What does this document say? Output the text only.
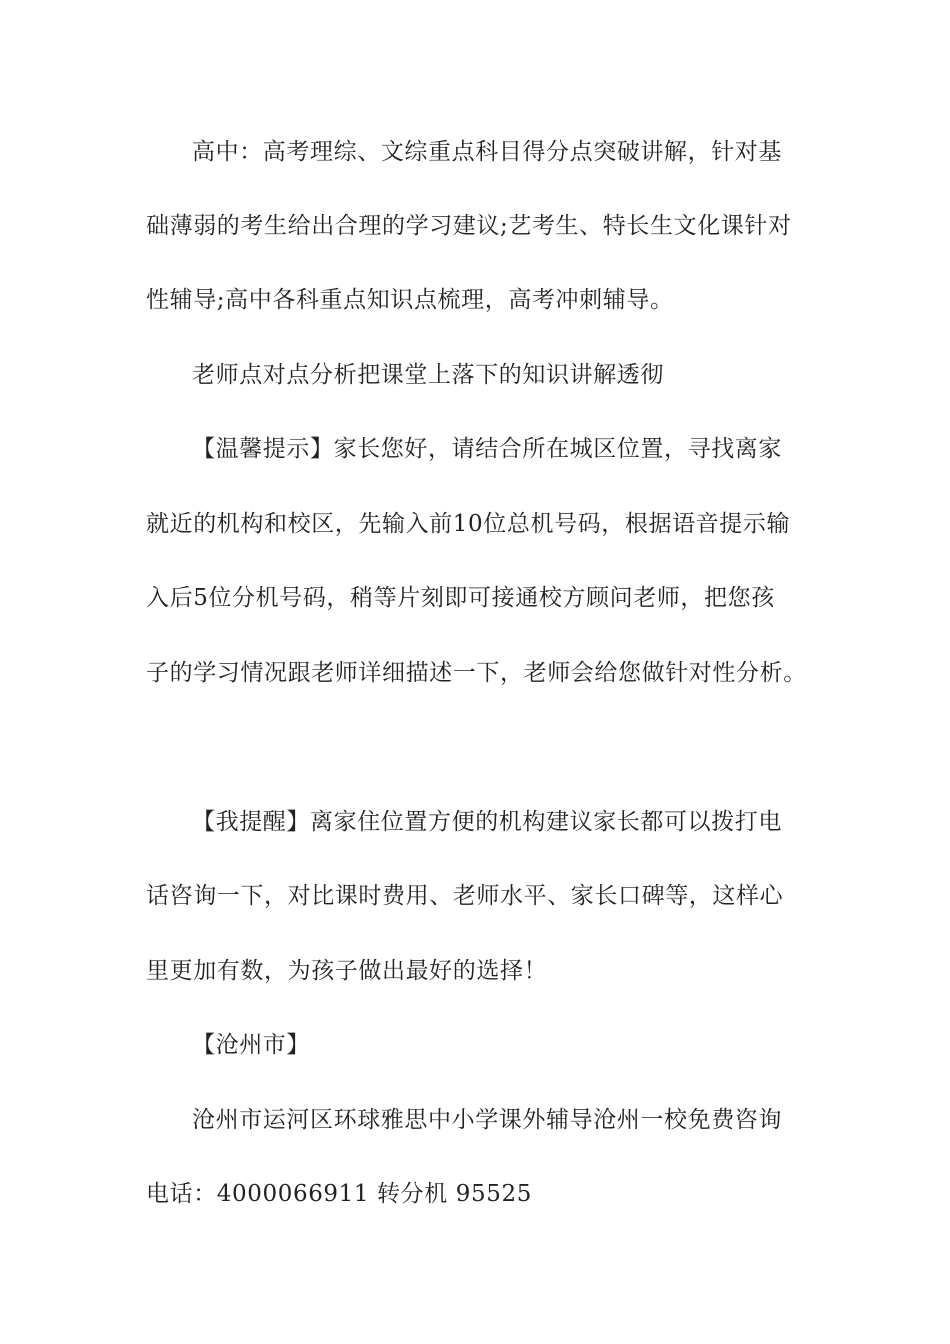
高中：高考理综、文综重点科目得分点突破讲解，针对基

础薄弱的考生给出合理的学习建议;艺考生、特长生文化课针对

性辅导;高中各科重点知识点梳理，高考冲刺辅导。

老师点对点分析把课堂上落下的知识讲解透彻

【温馨提示】家长您好，请结合所在城区位置，寻找离家

就近的机构和校区，先输入前10位总机号码，根据语音提示输

入后5位分机号码，稍等片刻即可接通校方顾问老师，把您孩

子的学习情况跟老师详细描述一下，老师会给您做针对性分析。

【我提醒】离家住位置方便的机构建议家长都可以拨打电

话咨询一下，对比课时费用、老师水平、家长口碑等，这样心

里更加有数，为孩子做出最好的选择！

【沧州市】

沧州市运河区环球雅思中小学课外辅导沧州一校免费咨询

电话：4000066911 转分机 95525
